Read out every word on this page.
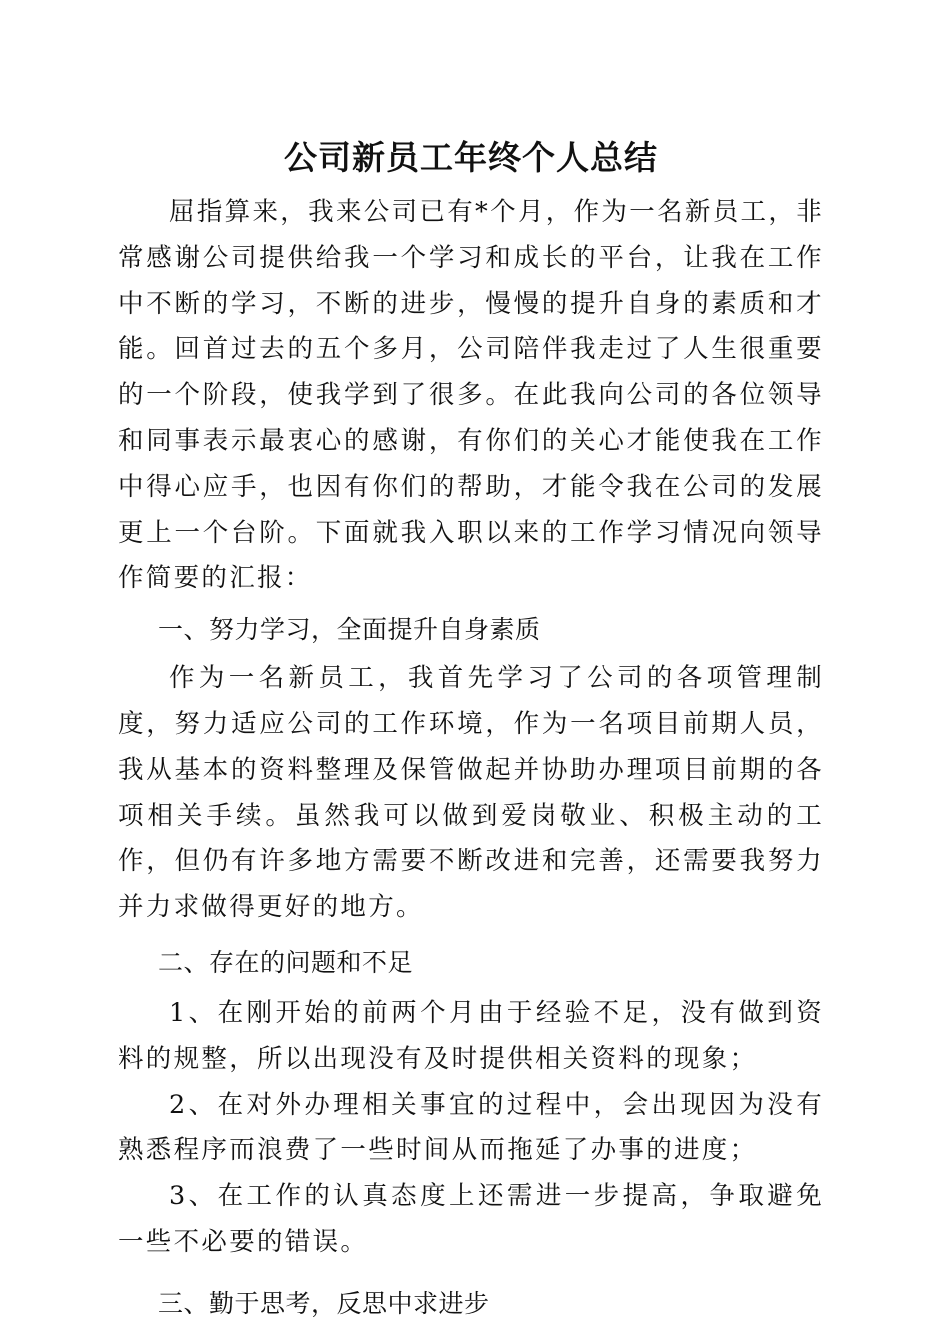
公司新员工年终个人总结

屈指算来，我来公司已有*个月，作为一名新员工，非常感谢公司提供给我一个学习和成长的平台，让我在工作中不断的学习，不断的进步，慢慢的提升自身的素质和才能。回首过去的五个多月，公司陪伴我走过了人生很重要的一个阶段，使我学到了很多。在此我向公司的各位领导和同事表示最衷心的感谢，有你们的关心才能使我在工作中得心应手，也因有你们的帮助，才能令我在公司的发展更上一个台阶。下面就我入职以来的工作学习情况向领导作简要的汇报：

一、努力学习，全面提升自身素质

作为一名新员工，我首先学习了公司的各项管理制度，努力适应公司的工作环境，作为一名项目前期人员，我从基本的资料整理及保管做起并协助办理项目前期的各项相关手续。虽然我可以做到爱岗敬业、积极主动的工作，但仍有许多地方需要不断改进和完善，还需要我努力并力求做得更好的地方。

二、存在的问题和不足

1、在刚开始的前两个月由于经验不足，没有做到资料的规整，所以出现没有及时提供相关资料的现象；

2、在对外办理相关事宜的过程中，会出现因为没有熟悉程序而浪费了一些时间从而拖延了办事的进度；

3、在工作的认真态度上还需进一步提高，争取避免一些不必要的错误。

三、勤于思考，反思中求进步
